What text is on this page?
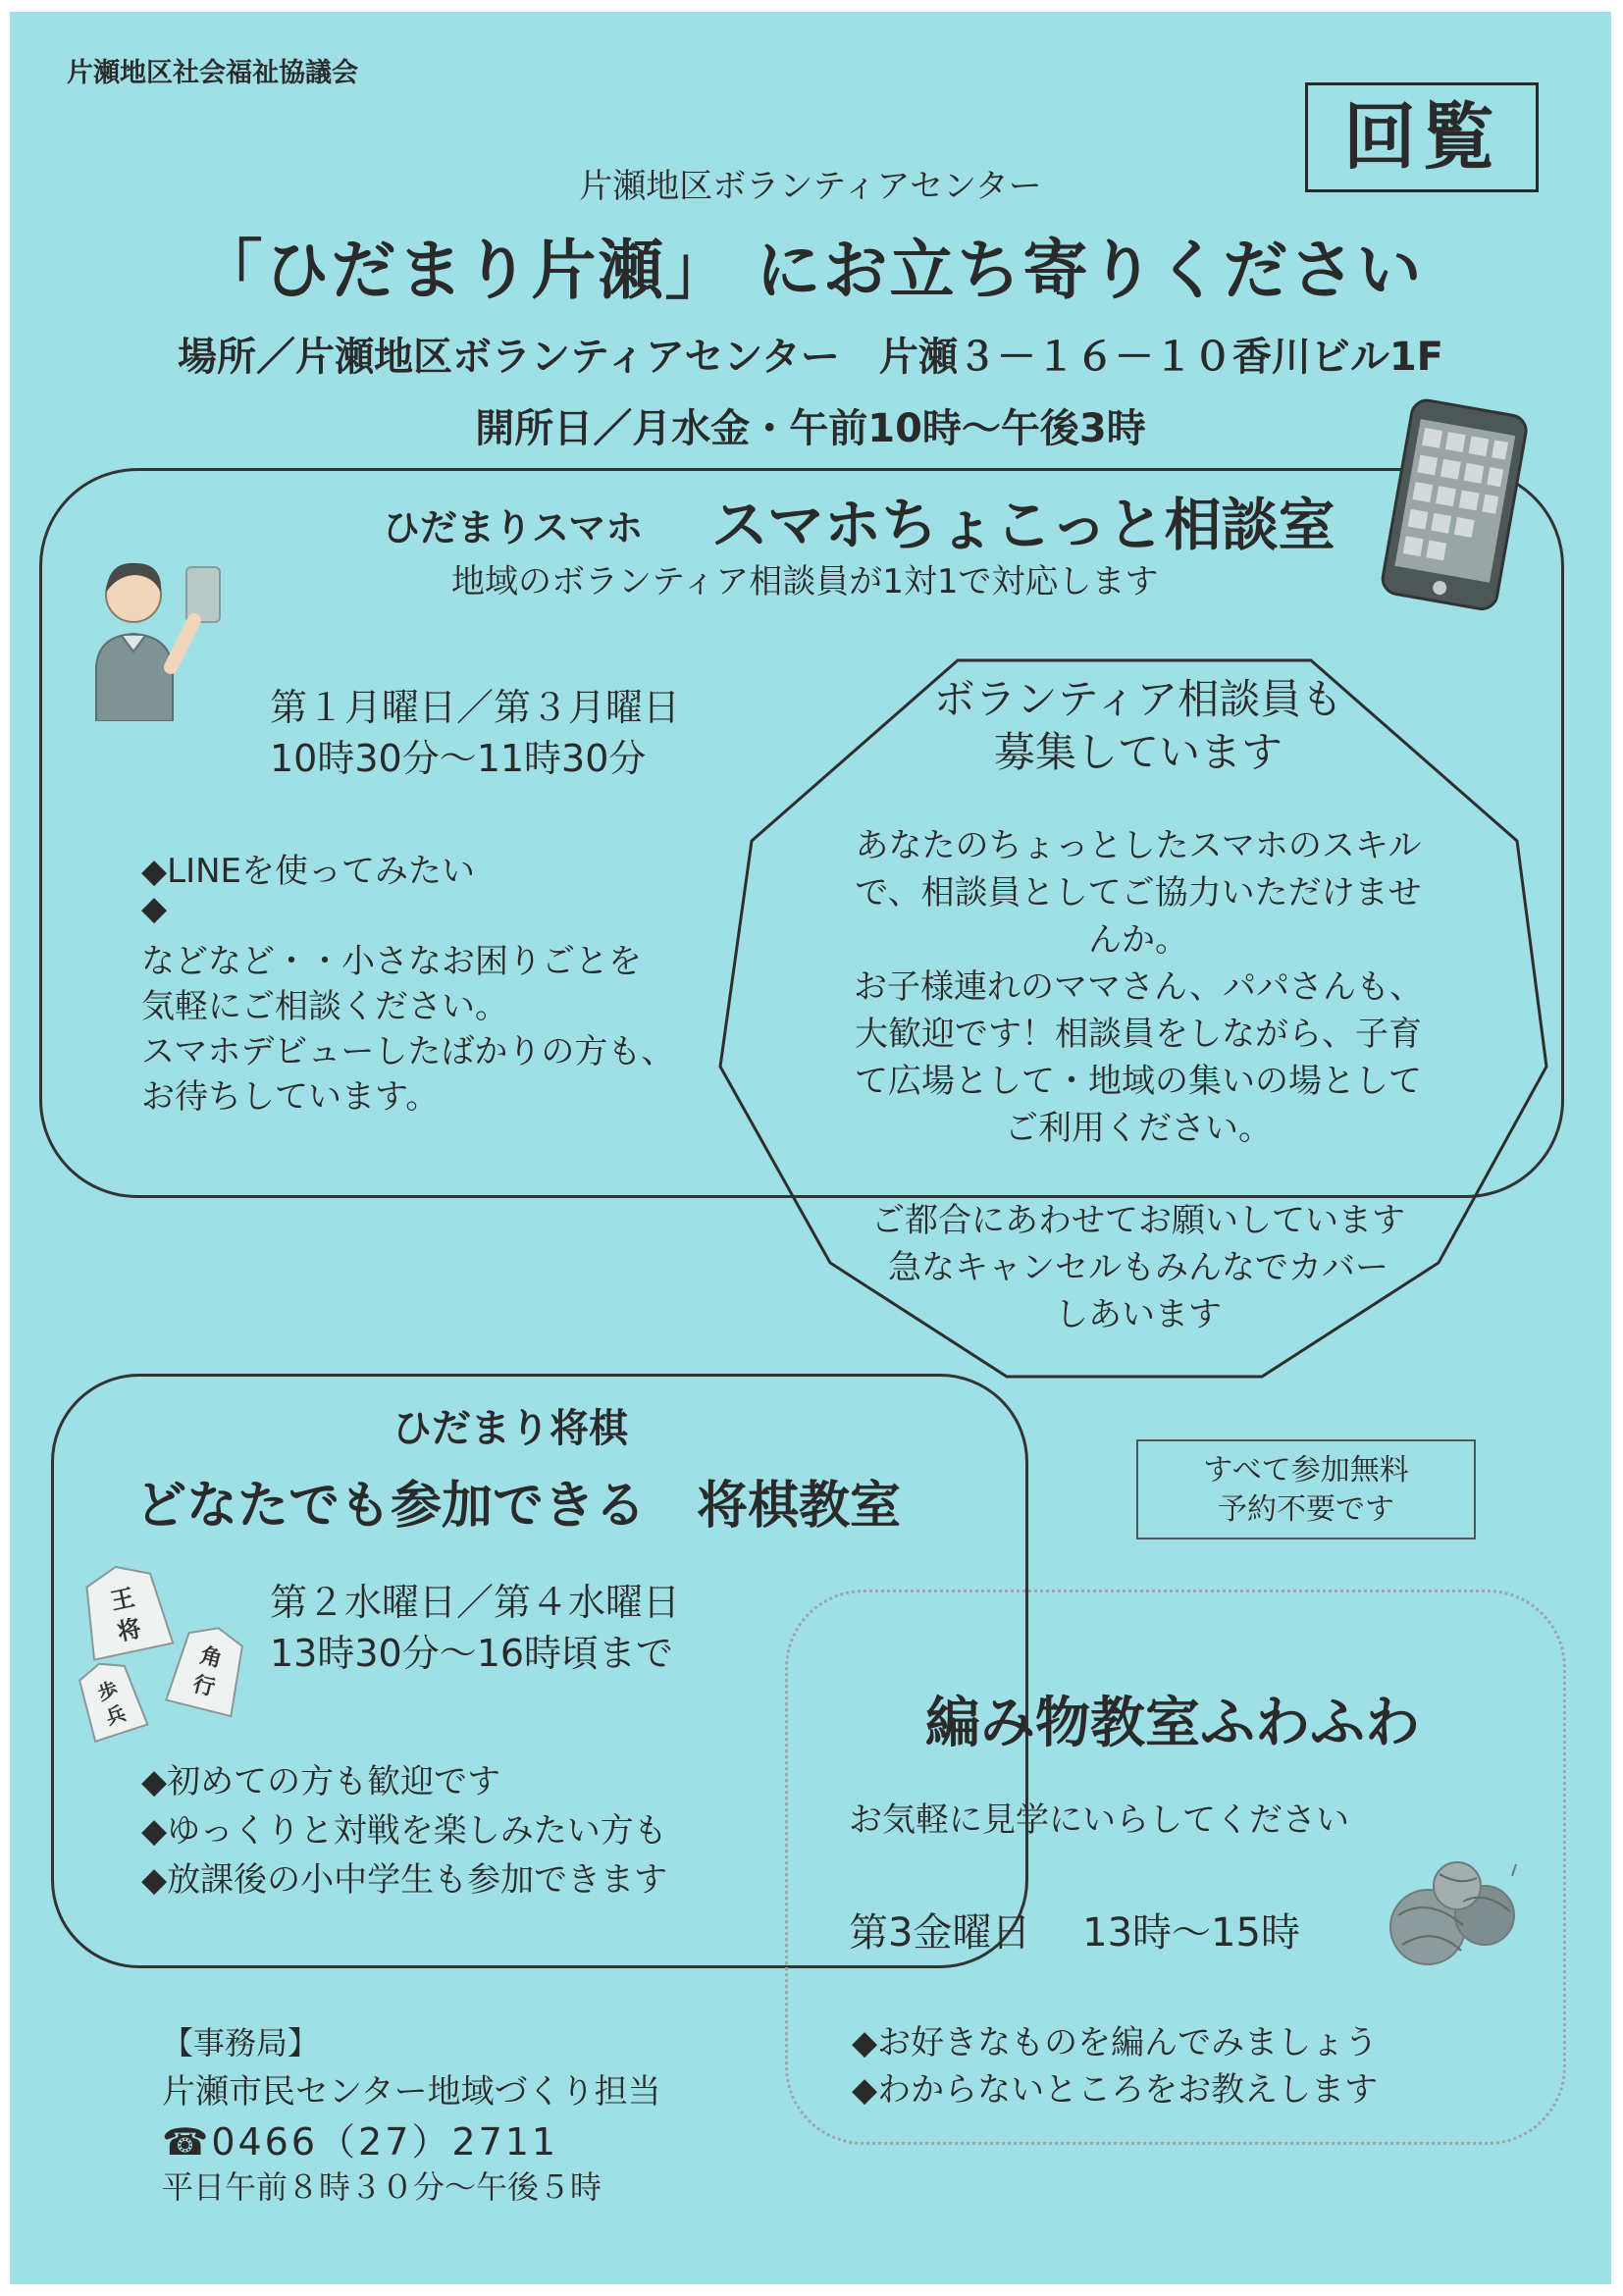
片瀬地区社会福祉協議会
回覧
片瀬地区ボランティアセンター
「ひだまり片瀬」 にお立ち寄りください
場所／片瀬地区ボランティアセンター　片瀬３－１６－１０香川ビル1F
開所日／月水金・午前10時～午後3時
ひだまりスマホ スマホちょこっと相談室
地域のボランティア相談員が1対1で対応します
第１月曜日／第３月曜日
10時30分～11時30分
◆LINEを使ってみたい
◆
などなど・・小さなお困りごとを
気軽にご相談ください。
スマホデビューしたばかりの方も、
お待ちしています。
ボランティア相談員も
募集しています
あなたのちょっとしたスマホのスキル
で、相談員としてご協力いただけませ
んか。
お子様連れのママさん、パパさんも、
大歓迎です！相談員をしながら、子育
て広場として・地域の集いの場として
ご利用ください。
ご都合にあわせてお願いしています
急なキャンセルもみんなでカバー
しあいます
すべて参加無料
予約不要です
ひだまり将棋
どなたでも参加できる　将棋教室
第２水曜日／第４水曜日
13時30分～16時頃まで
◆初めての方も歓迎です
◆ゆっくりと対戦を楽しみたい方も
◆放課後の小中学生も参加できます
王
将
角
行
歩
兵	編み物教室ふわふわ
お気軽に見学にいらしてください
第3金曜日　 13時～15時
◆お好きなものを編んでみましょう
◆わからないところをお教えします
【事務局】
片瀬市民センター地域づくり担当
☎0466（27）2711
平日午前８時３０分～午後５時
